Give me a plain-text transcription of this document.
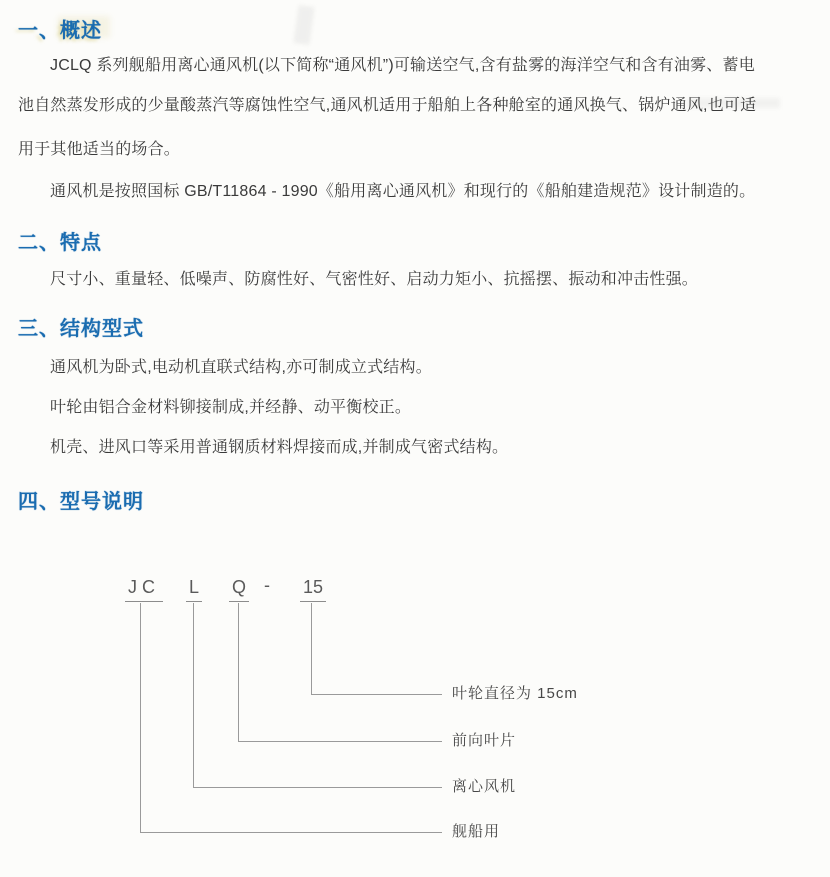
一、概述
JCLQ 系列舰船用离心通风机(以下简称“通风机”)可输送空气,含有盐雾的海洋空气和含有油雾、蓄电
池自然蒸发形成的少量酸蒸汽等腐蚀性空气,通风机适用于船舶上各种舱室的通风换气、锅炉通风,也可适
用于其他适当的场合。
通风机是按照国标 GB/T11864 - 1990《船用离心通风机》和现行的《船舶建造规范》设计制造的。
二、特点
尺寸小、重量轻、低噪声、防腐性好、气密性好、启动力矩小、抗摇摆、振动和冲击性强。
三、结构型式
通风机为卧式,电动机直联式结构,亦可制成立式结构。
叶轮由铝合金材料铆接制成,并经静、动平衡校正。
机壳、进风口等采用普通钢质材料焊接而成,并制成气密式结构。
四、型号说明
JC L Q - 15
叶轮直径为 15cm
前向叶片
离心风机
舰船用
